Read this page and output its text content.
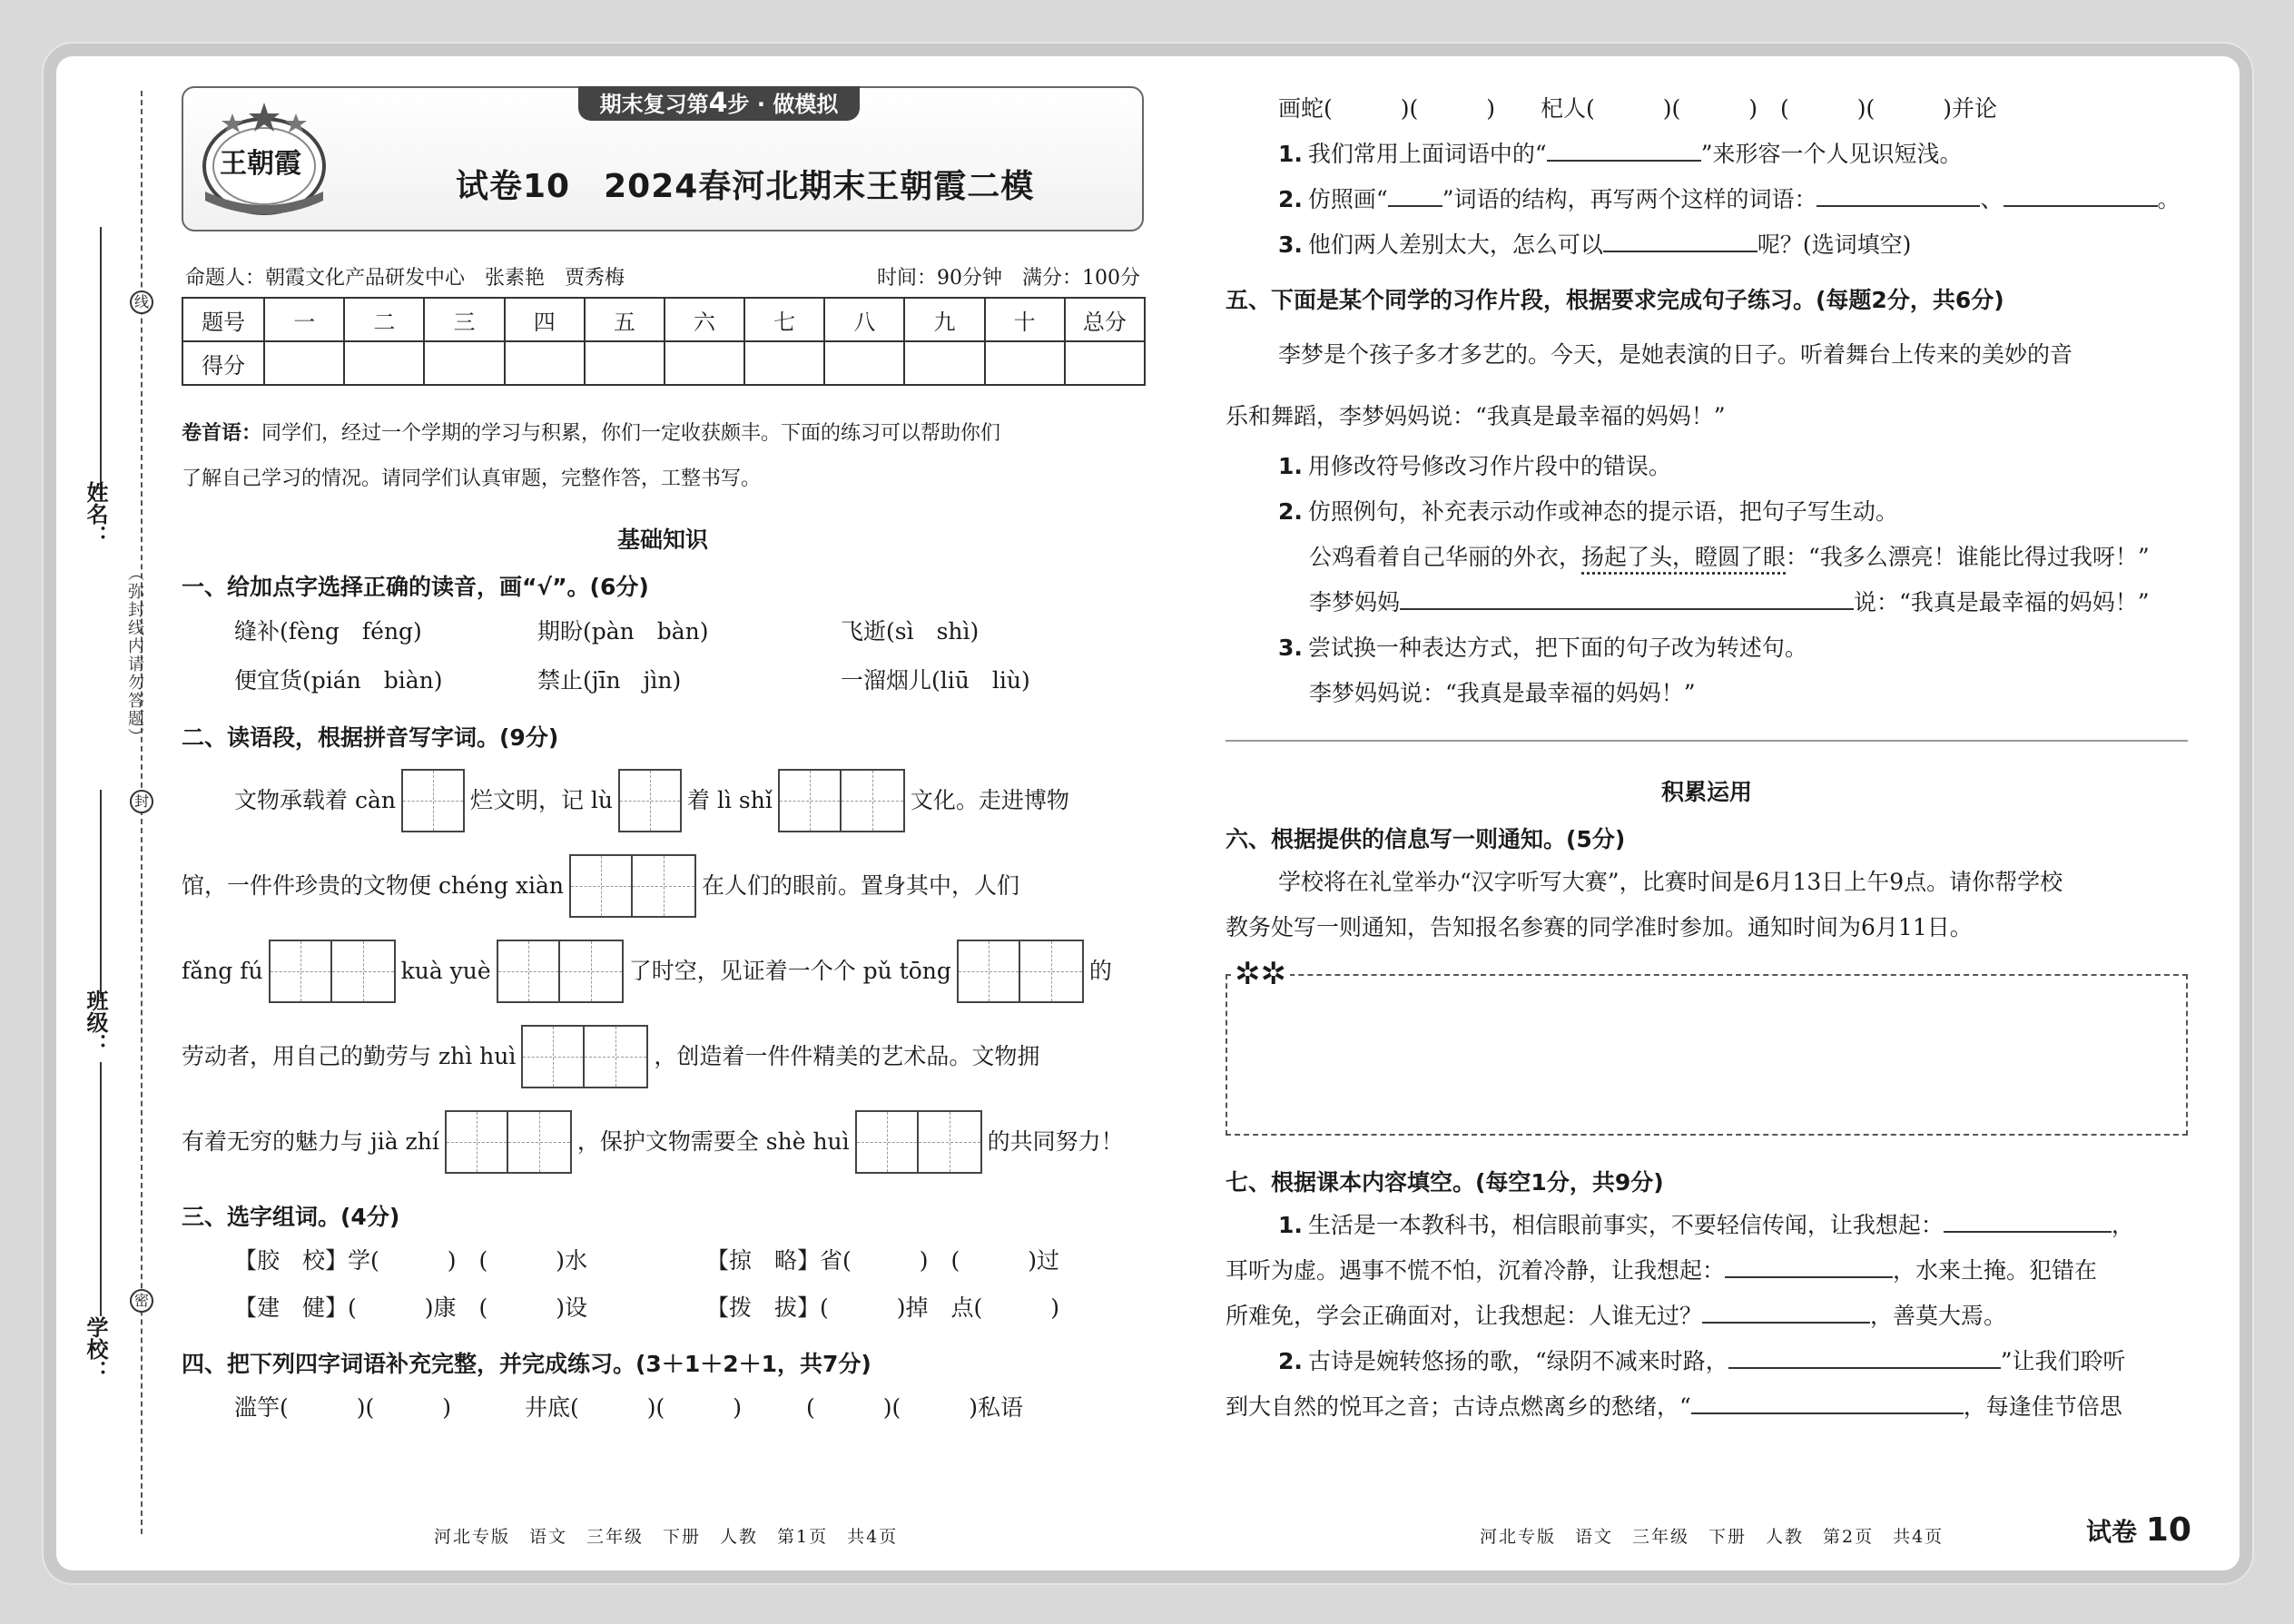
线
封
密
姓名：
班级：
学校：
（弥封线内请勿答题）
期末复习第4步 · 做模拟
王朝霞
试卷10　2024春河北期末王朝霞二模
命题人：朝霞文化产品研发中心　张素艳　贾秀梅	时间：90分钟　满分：100分
题号	一	二	三	四	五	六	七	八	九	十	总分
得分											
卷首语：同学们，经过一个学期的学习与积累，你们一定收获颇丰。下面的练习可以帮助你们
了解自己学习的情况。请同学们认真审题，完整作答，工整书写。
基础知识
一、给加点字选择正确的读音，画“√”。(6分)
缝补(fèng　féng)	期盼(pàn　bàn)	飞逝(sì　shì)
便宜货(pián　biàn)	禁止(jīn　jìn)	一溜烟儿(liū　liù)
二、读语段，根据拼音写字词。(9分)
文物承载着 càn	烂文明，记 lù	着 lì shǐ	文化。走进博物
馆，一件件珍贵的文物便 chéng xiàn	在人们的眼前。置身其中，人们
fǎng fú	kuà yuè	了时空，见证着一个个 pǔ tōng	的
劳动者，用自己的勤劳与 zhì huì	，创造着一件件精美的艺术品。文物拥
有着无穷的魅力与 jià zhí	，保护文物需要全 shè huì	的共同努力！
三、选字组词。(4分)
【胶　校】学(　　　)　(　　　)水	【掠　略】省(　　　)　(　　　)过
【建　健】(　　　)康　(　　　)设	【拨　拔】(　　　)掉　点(　　　)
四、把下列四字词语补充完整，并完成练习。(3＋1＋2＋1，共7分)
滥竽(　　　)(　　　)	井底(　　　)(　　　)	(　　　)(　　　)私语
画蛇(　　　)(　　　)　　杞人(　　　)(　　　)　(　　　)(　　　)并论
1. 我们常用上面词语中的“	”来形容一个人见识短浅。
2. 仿照画“ ”词语的结构，再写两个这样的词语：	、	。
3. 他们两人差别太大，怎么可以	呢？(选词填空)
五、下面是某个同学的习作片段，根据要求完成句子练习。(每题2分，共6分)
李梦是个孩子多才多艺的。今天，是她表演的日子。听着舞台上传来的美妙的音
乐和舞蹈，李梦妈妈说：“我真是最幸福的妈妈！”
1. 用修改符号修改习作片段中的错误。
2. 仿照例句，补充表示动作或神态的提示语，把句子写生动。
公鸡看着自己华丽的外衣，扬起了头，瞪圆了眼：“我多么漂亮！谁能比得过我呀！”
李梦妈妈	说：“我真是最幸福的妈妈！”
3. 尝试换一种表达方式，把下面的句子改为转述句。
李梦妈妈说：“我真是最幸福的妈妈！”
积累运用
六、根据提供的信息写一则通知。(5分)
学校将在礼堂举办“汉字听写大赛”，比赛时间是6月13日上午9点。请你帮学校
教务处写一则通知，告知报名参赛的同学准时参加。通知时间为6月11日。
✲✲
七、根据课本内容填空。(每空1分，共9分)
1. 生活是一本教科书，相信眼前事实，不要轻信传闻，让我想起：	，
耳听为虚。遇事不慌不怕，沉着冷静，让我想起：	，水来土掩。犯错在
所难免，学会正确面对，让我想起：人谁无过？	，善莫大焉。
2. 古诗是婉转悠扬的歌，“绿阴不减来时路，	”让我们聆听
到大自然的悦耳之音；古诗点燃离乡的愁绪，“	，每逢佳节倍思
河北专版　语文　三年级　下册　人教　第1页　共4页	河北专版　语文　三年级　下册　人教　第2页　共4页	试卷 10
